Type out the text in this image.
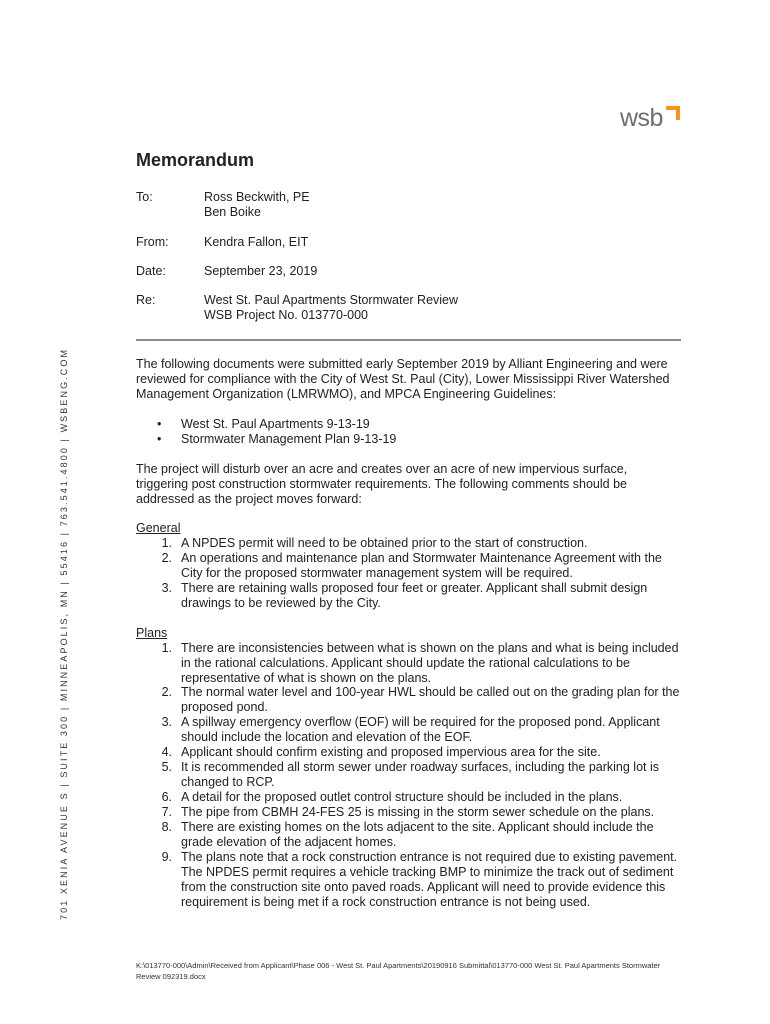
wsb
701 XENIA AVENUE S | SUITE 300 | MINNEAPOLIS, MN | 55416 | 763.541.4800 | WSBENG.COM
Memorandum
To:	Ross Beckwith, PE
Ben Boike
From:	Kendra Fallon, EIT
Date:	September 23, 2019
Re:	West St. Paul Apartments Stormwater Review
WSB Project No. 013770-000
The following documents were submitted early September 2019 by Alliant Engineering and were reviewed for compliance with the City of West St. Paul (City), Lower Mississippi River Watershed Management Organization (LMRWMO), and MPCA Engineering Guidelines:
• West St. Paul Apartments 9-13-19
• Stormwater Management Plan 9-13-19
The project will disturb over an acre and creates over an acre of new impervious surface, triggering post construction stormwater requirements. The following comments should be addressed as the project moves forward:
General
1. A NPDES permit will need to be obtained prior to the start of construction.
2. An operations and maintenance plan and Stormwater Maintenance Agreement with the City for the proposed stormwater management system will be required.
3. There are retaining walls proposed four feet or greater. Applicant shall submit design drawings to be reviewed by the City.
Plans
1. There are inconsistencies between what is shown on the plans and what is being included in the rational calculations. Applicant should update the rational calculations to be representative of what is shown on the plans.
2. The normal water level and 100-year HWL should be called out on the grading plan for the proposed pond.
3. A spillway emergency overflow (EOF) will be required for the proposed pond. Applicant should include the location and elevation of the EOF.
4. Applicant should confirm existing and proposed impervious area for the site.
5. It is recommended all storm sewer under roadway surfaces, including the parking lot is changed to RCP.
6. A detail for the proposed outlet control structure should be included in the plans.
7. The pipe from CBMH 24-FES 25 is missing in the storm sewer schedule on the plans.
8. There are existing homes on the lots adjacent to the site. Applicant should include the grade elevation of the adjacent homes.
9. The plans note that a rock construction entrance is not required due to existing pavement. The NPDES permit requires a vehicle tracking BMP to minimize the track out of sediment from the construction site onto paved roads. Applicant will need to provide evidence this requirement is being met if a rock construction entrance is not being used.
K:\013770-000\Admin\Received from Applicant\Phase 006 - West St. Paul Apartments\20190916 Submittal\013770-000 West St. Paul Apartments Stormwater Review 092319.docx
